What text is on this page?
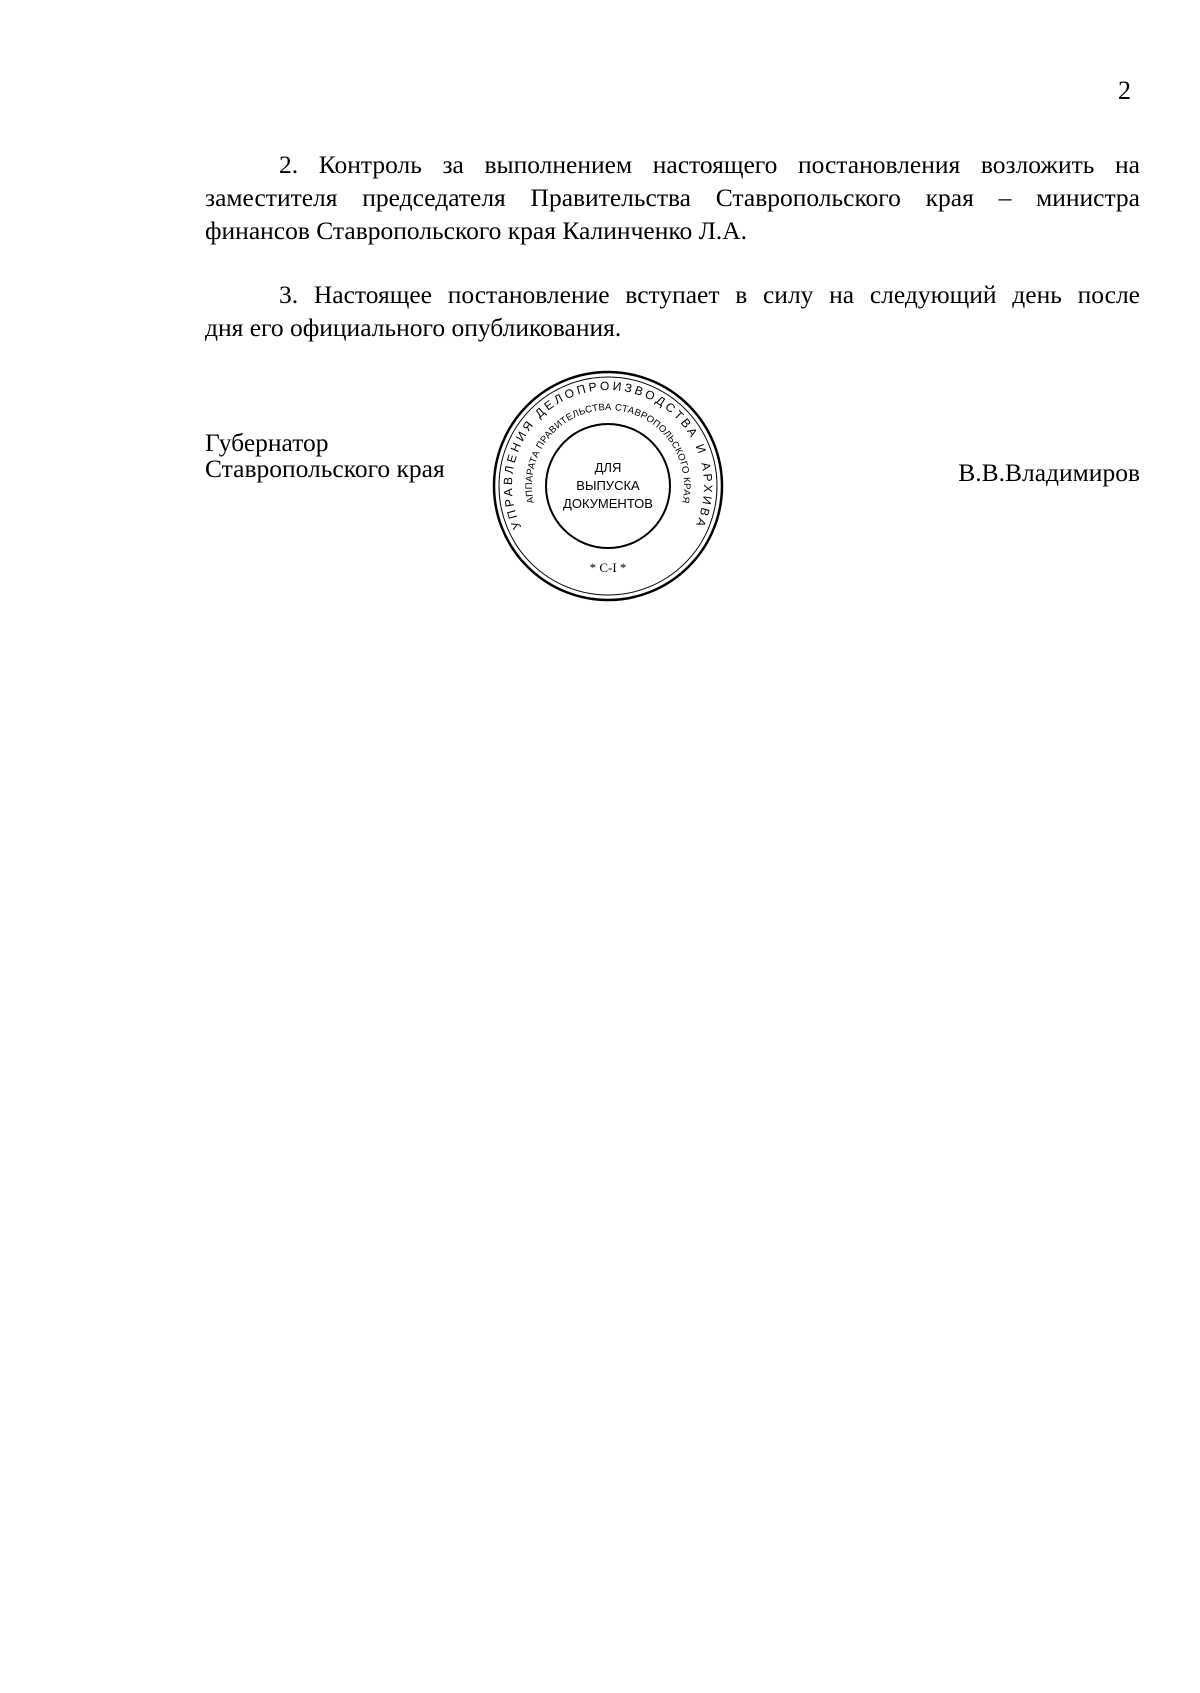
2
2. Контроль за выполнением настоящего постановления возложить на
заместителя председателя Правительства Ставропольского края – министра
финансов Ставропольского края Калинченко Л.А.
3. Настоящее постановление вступает в силу на следующий день после
дня его официального опубликования.
Губернатор
Ставропольского края	В.В.Владимиров
УПРАВЛЕНИЯ ДЕЛОПРОИЗВОДСТВА И АРХИВА
АППАРАТА ПРАВИТЕЛЬСТВА СТАВРОПОЛЬСКОГО КРАЯ
* С-I *
ДЛЯ
ВЫПУСКА
ДОКУМЕНТОВ
